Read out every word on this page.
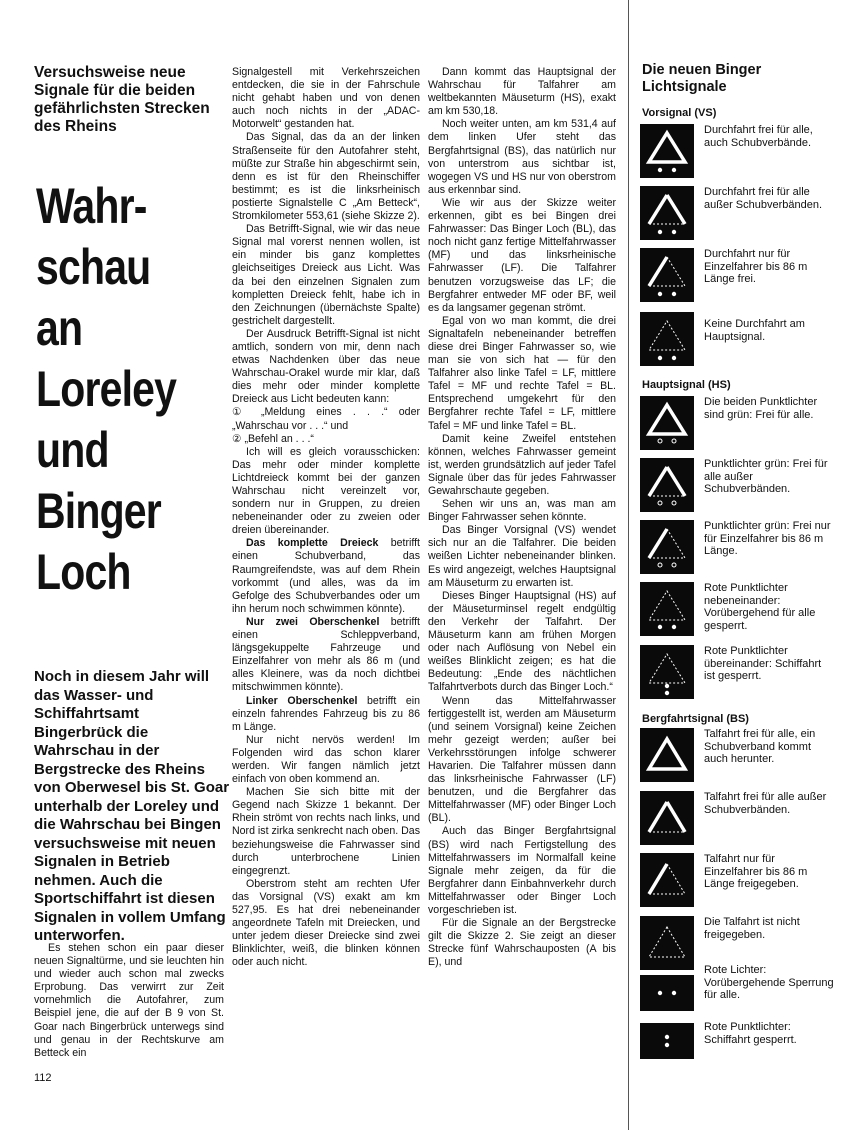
Versuchsweise neue Signale für die beiden gefährlichsten Strecken des Rheins
Wahr-
schau
an
Loreley
und
Binger
Loch
Noch in diesem Jahr will das Wasser- und Schiffahrtsamt Bingerbrück die Wahrschau in der Bergstrecke des Rheins von Oberwesel bis St. Goar unterhalb der Loreley und die Wahrschau bei Bingen versuchsweise mit neuen Signalen in Betrieb nehmen. Auch die Sportschiffahrt ist diesen Signalen in vollem Umfang unterworfen.

Es stehen schon ein paar dieser neuen Signaltürme, und sie leuchten hin und wieder auch schon mal zwecks Erprobung. Das verwirrt zur Zeit vornehmlich die Autofahrer, zum Beispiel jene, die auf der B 9 von St. Goar nach Bingerbrück unterwegs sind und genau in der Rechtskurve am Betteck ein

Signalgestell mit Verkehrszeichen entdecken, die sie in der Fahrschule nicht gehabt haben und von denen auch noch nichts in der „ADAC-Motorwelt“ gestanden hat.

Das Signal, das da an der linken Straßenseite für den Autofahrer steht, müßte zur Straße hin abgeschirmt sein, denn es ist für den Rheinschiffer bestimmt; es ist die linksrheinisch postierte Signalstelle C „Am Betteck“, Stromkilometer 553,61 (siehe Skizze 2).

Das Betrifft-Signal, wie wir das neue Signal mal vorerst nennen wollen, ist ein minder bis ganz komplettes gleichseitiges Dreieck aus Licht. Was da bei den einzelnen Signalen zum kompletten Dreieck fehlt, habe ich in den Zeichnungen (übernächste Spalte) gestrichelt dargestellt.

Der Ausdruck Betrifft-Signal ist nicht amtlich, sondern von mir, denn nach etwas Nachdenken über das neue Wahrschau-Orakel wurde mir klar, daß dies mehr oder minder komplette Dreieck aus Licht bedeuten kann:

① „Meldung eines . . .“ oder „Wahrschau vor . . .“ und

② „Befehl an . . .“

Ich will es gleich vorausschicken: Das mehr oder minder komplette Lichtdreieck kommt bei der ganzen Wahrschau nicht vereinzelt vor, sondern nur in Gruppen, zu dreien nebeneinander oder zu zweien oder dreien übereinander.

Das komplette Dreieck betrifft einen Schubverband, das Raumgreifendste, was auf dem Rhein vorkommt (und alles, was da im Gefolge des Schubverbandes oder um ihn herum noch schwimmen könnte).

Nur zwei Oberschenkel betrifft einen Schleppverband, längsgekuppelte Fahrzeuge und Einzelfahrer von mehr als 86 m (und alles Kleinere, was da noch dichtbei mitschwimmen könnte).

Linker Oberschenkel betrifft ein einzeln fahrendes Fahrzeug bis zu 86 m Länge.

Nur nicht nervös werden! Im Folgenden wird das schon klarer werden. Wir fangen nämlich jetzt einfach von oben kommend an.

Machen Sie sich bitte mit der Gegend nach Skizze 1 bekannt. Der Rhein strömt von rechts nach links, und Nord ist zirka senkrecht nach oben. Das beziehungsweise die Fahrwasser sind durch unterbrochene Linien eingegrenzt.

Oberstrom steht am rechten Ufer das Vorsignal (VS) exakt am km 527,95. Es hat drei nebeneinander angeordnete Tafeln mit Dreiecken, und unter jedem dieser Dreiecke sind zwei Blinklichter, weiß, die blinken können oder auch nicht.

Dann kommt das Hauptsignal der Wahrschau für Talfahrer am weltbekannten Mäuseturm (HS), exakt am km 530,18.

Noch weiter unten, am km 531,4 auf dem linken Ufer steht das Bergfahrtsignal (BS), das natürlich nur von unterstrom aus sichtbar ist, wogegen VS und HS nur von oberstrom aus erkennbar sind.

Wie wir aus der Skizze weiter erkennen, gibt es bei Bingen drei Fahrwasser: Das Binger Loch (BL), das noch nicht ganz fertige Mittelfahrwasser (MF) und das linksrheinische Fahrwasser (LF). Die Talfahrer benutzen vorzugsweise das LF; die Bergfahrer entweder MF oder BF, weil es da langsamer gegenan strömt.

Egal von wo man kommt, die drei Signaltafeln nebeneinander betreffen diese drei Binger Fahrwasser so, wie man sie von sich hat — für den Talfahrer also linke Tafel = LF, mittlere Tafel = MF und rechte Tafel = BL. Entsprechend umgekehrt für den Bergfahrer rechte Tafel = LF, mittlere Tafel = MF und linke Tafel = BL.

Damit keine Zweifel entstehen können, welches Fahrwasser gemeint ist, werden grundsätzlich auf jeder Tafel Signale über das für jedes Fahrwasser Gewahrschaute gegeben.

Sehen wir uns an, was man am Binger Fahrwasser sehen könnte.

Das Binger Vorsignal (VS) wendet sich nur an die Talfahrer. Die beiden weißen Lichter nebeneinander blinken. Es wird angezeigt, welches Hauptsignal am Mäuseturm zu erwarten ist.

Dieses Binger Hauptsignal (HS) auf der Mäuseturminsel regelt endgültig den Verkehr der Talfahrt. Der Mäuseturm kann am frühen Morgen oder nach Auflösung von Nebel ein weißes Blinklicht zeigen; es hat die Bedeutung: „Ende des nächtlichen Talfahrtverbots durch das Binger Loch.“

Wenn das Mittelfahrwasser fertiggestellt ist, werden am Mäuseturm (und seinem Vorsignal) keine Zeichen mehr gezeigt werden; außer bei Verkehrsstörungen infolge schwerer Havarien. Die Talfahrer müssen dann das linksrheinische Fahrwasser (LF) benutzen, und die Bergfahrer das Mittelfahrwasser (MF) oder Binger Loch (BL).

Auch das Binger Bergfahrtsignal (BS) wird nach Fertigstellung des Mittelfahrwassers im Normalfall keine Signale mehr zeigen, da für die Bergfahrer dann Einbahnverkehr durch Mittelfahrwasser oder Binger Loch vorgeschrieben ist.

Für die Signale an der Bergstrecke gilt die Skizze 2. Sie zeigt an dieser Strecke fünf Wahrschauposten (A bis E), und

112
Die neuen Binger Lichtsignale
Vorsignal (VS)
Hauptsignal (HS)
Bergfahrtsignal (BS)
Durchfahrt frei für alle, auch Schubverbände.
Durchfahrt frei für alle außer Schubverbänden.
Durchfahrt nur für Einzelfahrer bis 86 m Länge frei.
Keine Durchfahrt am Hauptsignal.
Die beiden Punktlichter sind grün: Frei für alle.
Punktlichter grün: Frei für alle außer Schubverbänden.
Punktlichter grün: Frei nur für Einzelfahrer bis 86 m Länge.
Rote Punktlichter nebeneinander: Vorübergehend für alle gesperrt.
Rote Punktlichter übereinander: Schiffahrt ist gesperrt.
Talfahrt frei für alle, ein Schubverband kommt auch herunter.
Talfahrt frei für alle außer Schubverbänden.
Talfahrt nur für Einzelfahrer bis 86 m Länge freigegeben.
Die Talfahrt ist nicht freigegeben.
Rote Lichter: Vorübergehende Sperrung für alle.
Rote Punktlichter: Schiffahrt gesperrt.
